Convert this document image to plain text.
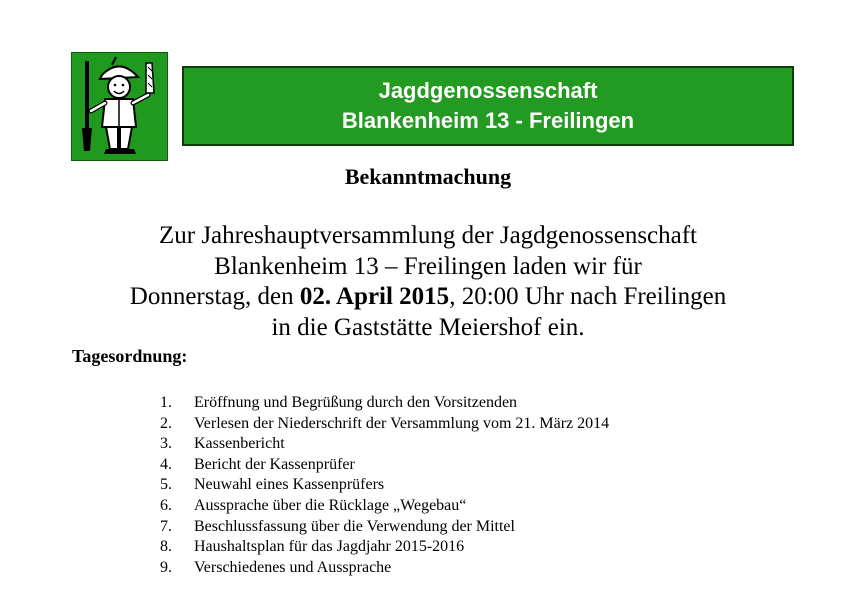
Jagdgenossenschaft
Blankenheim 13 - Freilingen
Bekanntmachung
Zur Jahreshauptversammlung der Jagdgenossenschaft
Blankenheim 13 – Freilingen laden wir für
Donnerstag, den 02. April 2015, 20:00 Uhr nach Freilingen
in die Gaststätte Meiershof ein.
Tagesordnung:
1.	Eröffnung und Begrüßung durch den Vorsitzenden
2.	Verlesen der Niederschrift der Versammlung vom 21. März 2014
3.	Kassenbericht
4.	Bericht der Kassenprüfer
5.	Neuwahl eines Kassenprüfers
6.	Aussprache über die Rücklage „Wegebau“
7.	Beschlussfassung über die Verwendung der Mittel
8.	Haushaltsplan für das Jagdjahr 2015-2016
9.	Verschiedenes und Aussprache
